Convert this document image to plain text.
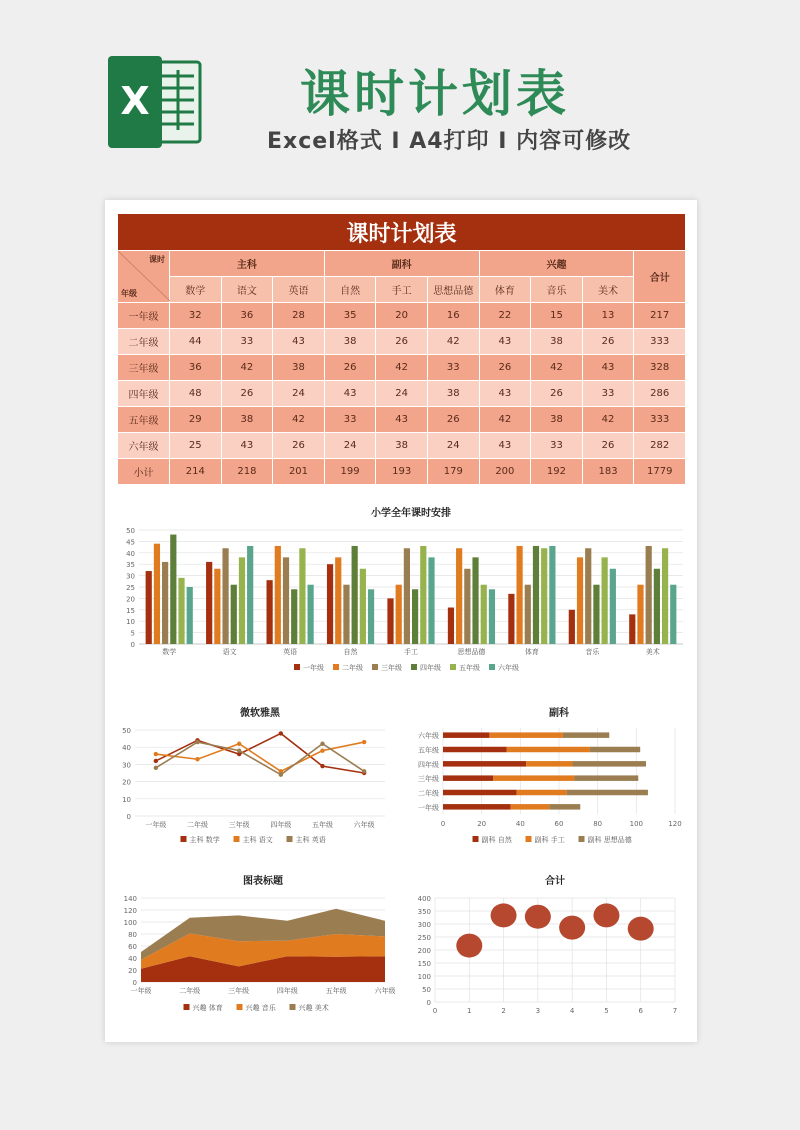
X	课时计划表
Excel格式 I A4打印 I 内容可修改
课时计划表										

课时
年级	主科			副科			兴趣			合计
	数学	语文	英语	自然	手工	思想品德	体育	音乐	美术	
一年级	32	36	28	35	20	16	22	15	13	217
二年级	44	33	43	38	26	42	43	38	26	333
三年级	36	42	38	26	42	33	26	42	43	328
四年级	48	26	24	43	24	38	43	26	33	286
五年级	29	38	42	33	43	26	42	38	42	333
六年级	25	43	26	24	38	24	43	33	26	282
小计	214	218	201	199	193	179	200	192	183	1779
小学全年课时安排
0
5
10
15
20
25
30
35
40
45
50
数学	语文	英语	自然	手工	思想品德	体育	音乐	美术
一年级	二年级	三年级	四年级	五年级	六年级
微软雅黑
0
10
20
30
40
50
一年级	二年级	三年级	四年级	五年级	六年级
主科 数学	主科 语文	主科 英语
副科
0	20	40	60	80	100	120
一年级
二年级
三年级
四年级
五年级
六年级
副科 自然	副科 手工	副科 思想品德
图表标题
0
20
40
60
80
100
120
140
一年级	二年级	三年级	四年级	五年级	六年级
兴趣 体育	兴趣 音乐	兴趣 美术
合计
0
50
100
150
200
250
300
350
400
0	1	2	3	4	5	6	7
